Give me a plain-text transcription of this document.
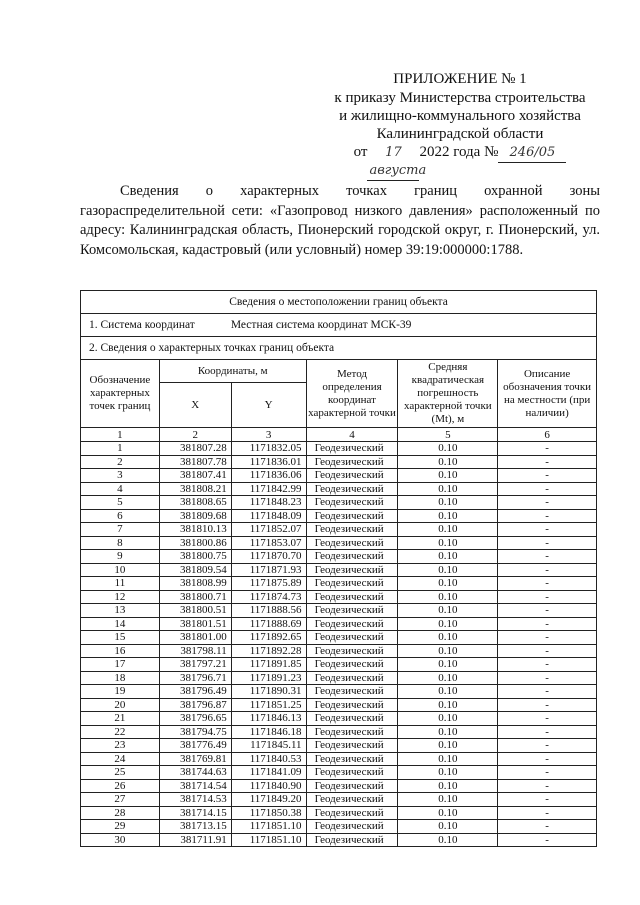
ПРИЛОЖЕНИЕ № 1
к приказу Министерства строительства
и жилищно-коммунального хозяйства
Калининградской области
от	17 августа
2022 года № 246/05
Сведения о характерных точках границ охранной зоны газораспределительной сети: «Газопровод низкого давления» расположенный по адресу: Калининградская область, Пионерский городской округ, г. Пионерский, ул. Комсомольская, кадастровый (или условный) номер 39:19:000000:1788.
Сведения о местоположении границ объекта					
1. Система координат Местная система координат МСК-39					
2. Сведения о характерных точках границ объекта					
Обозначение характерных точек границ	Координаты, м		Метод определения координат характерной точки	Средняя квадратическая погрешность характерной точки (Mt), м	Описание обозначения точки на местности (при наличии)
	X	Y			
1	2	3	4	5	6
1	381807.28	1171832.05	Геодезический	0.10	-
2	381807.78	1171836.01	Геодезический	0.10	-
3	381807.41	1171836.06	Геодезический	0.10	-
4	381808.21	1171842.99	Геодезический	0.10	-
5	381808.65	1171848.23	Геодезический	0.10	-
6	381809.68	1171848.09	Геодезический	0.10	-
7	381810.13	1171852.07	Геодезический	0.10	-
8	381800.86	1171853.07	Геодезический	0.10	-
9	381800.75	1171870.70	Геодезический	0.10	-
10	381809.54	1171871.93	Геодезический	0.10	-
11	381808.99	1171875.89	Геодезический	0.10	-
12	381800.71	1171874.73	Геодезический	0.10	-
13	381800.51	1171888.56	Геодезический	0.10	-
14	381801.51	1171888.69	Геодезический	0.10	-
15	381801.00	1171892.65	Геодезический	0.10	-
16	381798.11	1171892.28	Геодезический	0.10	-
17	381797.21	1171891.85	Геодезический	0.10	-
18	381796.71	1171891.23	Геодезический	0.10	-
19	381796.49	1171890.31	Геодезический	0.10	-
20	381796.87	1171851.25	Геодезический	0.10	-
21	381796.65	1171846.13	Геодезический	0.10	-
22	381794.75	1171846.18	Геодезический	0.10	-
23	381776.49	1171845.11	Геодезический	0.10	-
24	381769.81	1171840.53	Геодезический	0.10	-
25	381744.63	1171841.09	Геодезический	0.10	-
26	381714.54	1171840.90	Геодезический	0.10	-
27	381714.53	1171849.20	Геодезический	0.10	-
28	381714.15	1171850.38	Геодезический	0.10	-
29	381713.15	1171851.10	Геодезический	0.10	-
30	381711.91	1171851.10	Геодезический	0.10	-
